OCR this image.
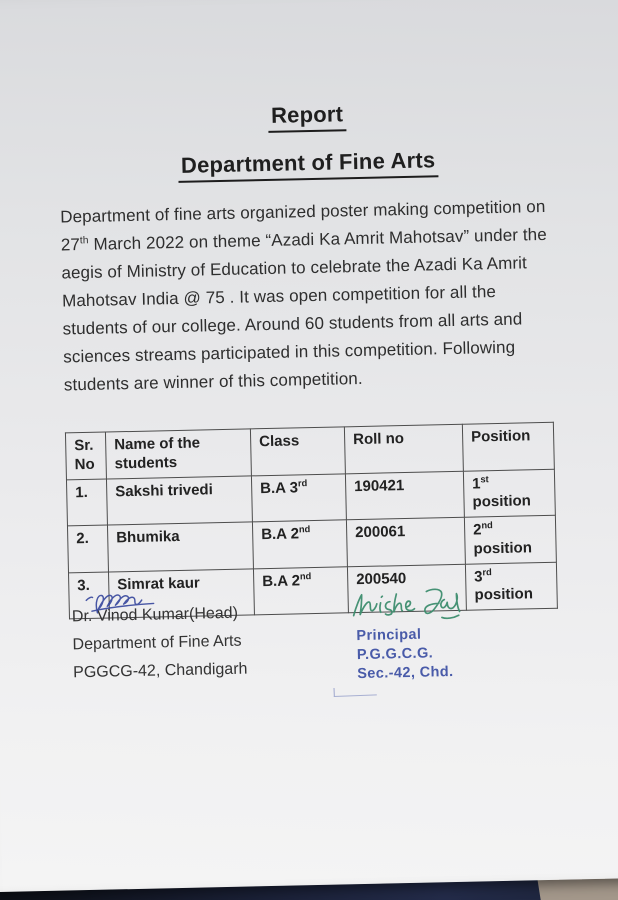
Report
Department of Fine Arts
Department of fine arts organized poster making competition on 27th March 2022 on theme “Azadi Ka Amrit Mahotsav” under the aegis of Ministry of Education to celebrate the Azadi Ka Amrit Mahotsav India @ 75 . It was open competition for all the students of our college. Around 60 students from all arts and sciences streams participated in this competition. Following students are winner of this competition.
Sr. No	Name of the students	Class	Roll no	Position
1.	Sakshi trivedi	B.A 3rd	190421	1st position
2.	Bhumika	B.A 2nd	200061	2nd position
3.	Simrat kaur	B.A 2nd	200540	3rd position
Dr. Vinod Kumar(Head)
Department of Fine Arts
PGGCG-42, Chandigarh
Principal
P.G.G.C.G.
Sec.-42, Chd.
